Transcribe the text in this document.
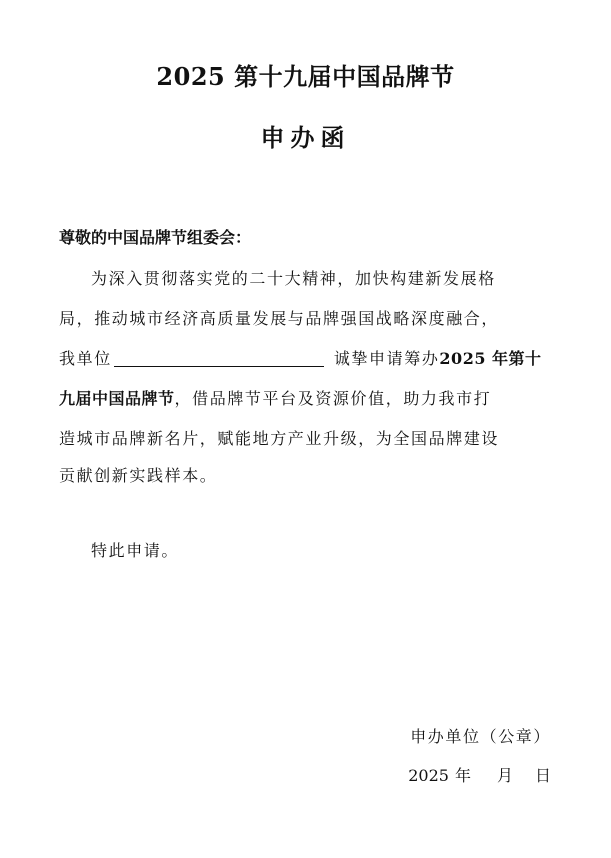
2025 第十九届中国品牌节
申办函
尊敬的中国品牌节组委会：
为深入贯彻落实党的二十大精神，加快构建新发展格
局，推动城市经济高质量发展与品牌强国战略深度融合，
我单位	诚挚申请筹办2025 年第十
九届中国品牌节，借品牌节平台及资源价值，助力我市打
造城市品牌新名片，赋能地方产业升级，为全国品牌建设
贡献创新实践样本。
特此申请。
申办单位（公章）
2025 年 月 日
